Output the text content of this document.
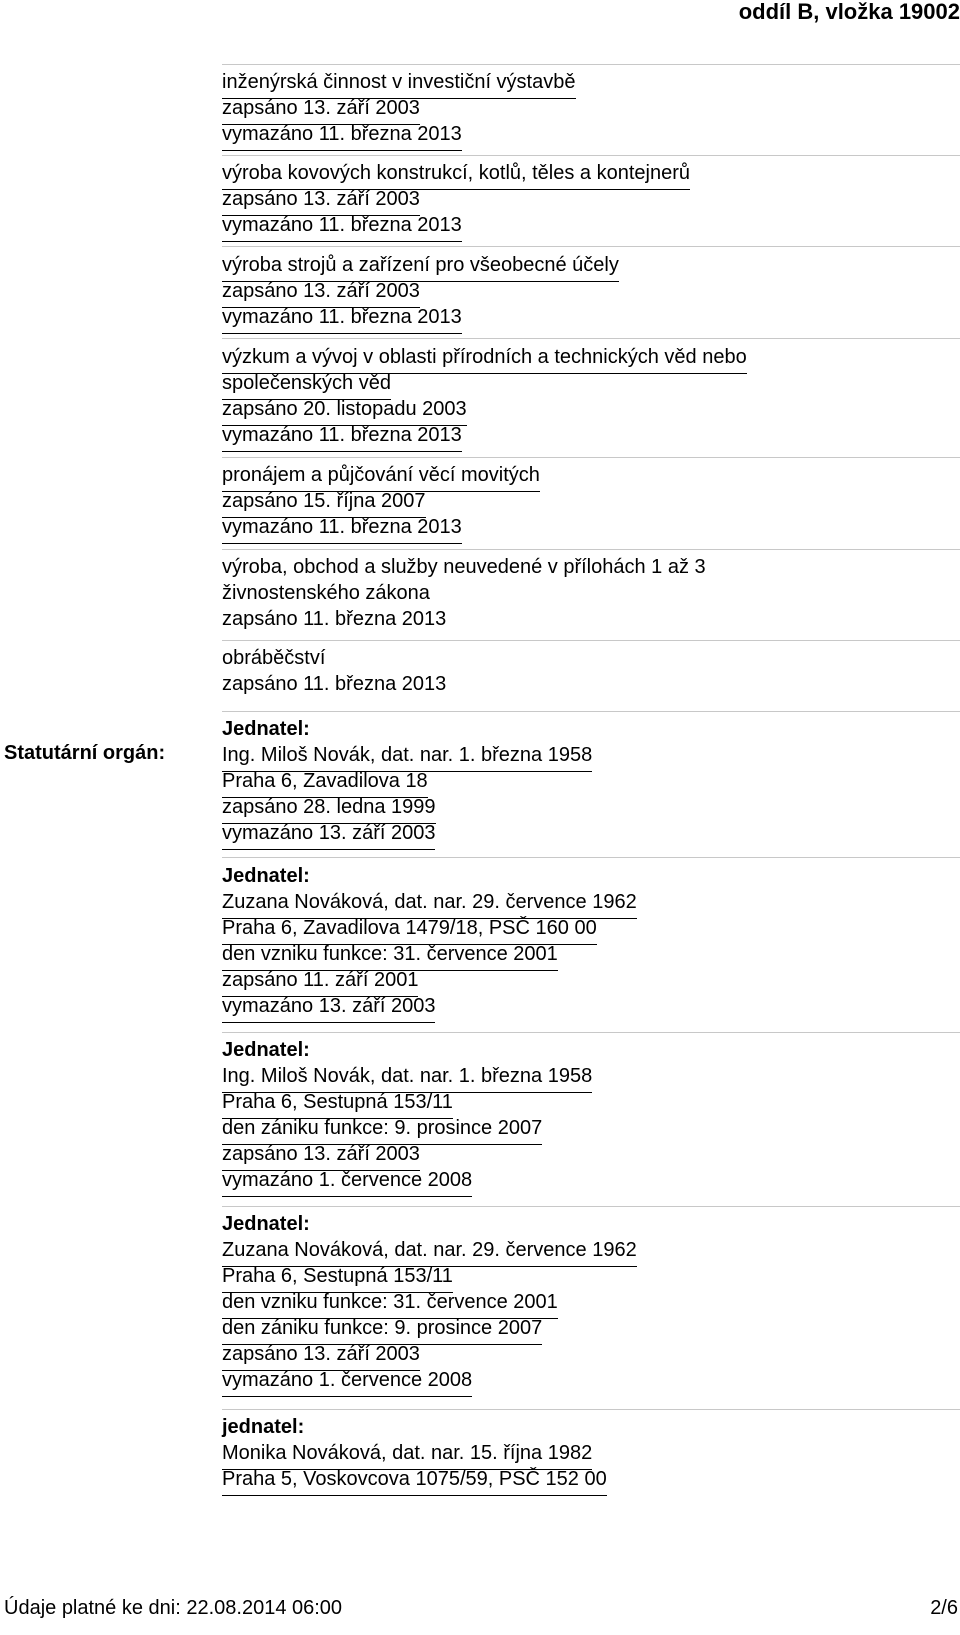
oddíl B, vložka 19002
inženýrská činnost v investiční výstavbě
zapsáno 13. září 2003
vymazáno 11. března 2013
výroba kovových konstrukcí, kotlů, těles a kontejnerů
zapsáno 13. září 2003
vymazáno 11. března 2013
výroba strojů a zařízení pro všeobecné účely
zapsáno 13. září 2003
vymazáno 11. března 2013
výzkum a vývoj v oblasti přírodních a technických věd nebo
společenských věd
zapsáno 20. listopadu 2003
vymazáno 11. března 2013
pronájem a půjčování věcí movitých
zapsáno 15. října 2007
vymazáno 11. března 2013
výroba, obchod a služby neuvedené v přílohách 1 až 3
živnostenského zákona
zapsáno 11. března 2013
obráběčství
zapsáno 11. března 2013
Statutární orgán:
Jednatel:
Ing. Miloš Novák, dat. nar. 1. března 1958
Praha 6, Zavadilova 18
zapsáno 28. ledna 1999
vymazáno 13. září 2003
Jednatel:
Zuzana Nováková, dat. nar. 29. července 1962
Praha 6, Zavadilova 1479/18, PSČ 160 00
den vzniku funkce: 31. července 2001
zapsáno 11. září 2001
vymazáno 13. září 2003
Jednatel:
Ing. Miloš Novák, dat. nar. 1. března 1958
Praha 6, Sestupná 153/11
den zániku funkce: 9. prosince 2007
zapsáno 13. září 2003
vymazáno 1. července 2008
Jednatel:
Zuzana Nováková, dat. nar. 29. července 1962
Praha 6, Sestupná 153/11
den vzniku funkce: 31. července 2001
den zániku funkce: 9. prosince 2007
zapsáno 13. září 2003
vymazáno 1. července 2008
jednatel:
Monika Nováková, dat. nar. 15. října 1982
Praha 5, Voskovcova 1075/59, PSČ 152 00
Údaje platné ke dni: 22.08.2014 06:00	2/6
